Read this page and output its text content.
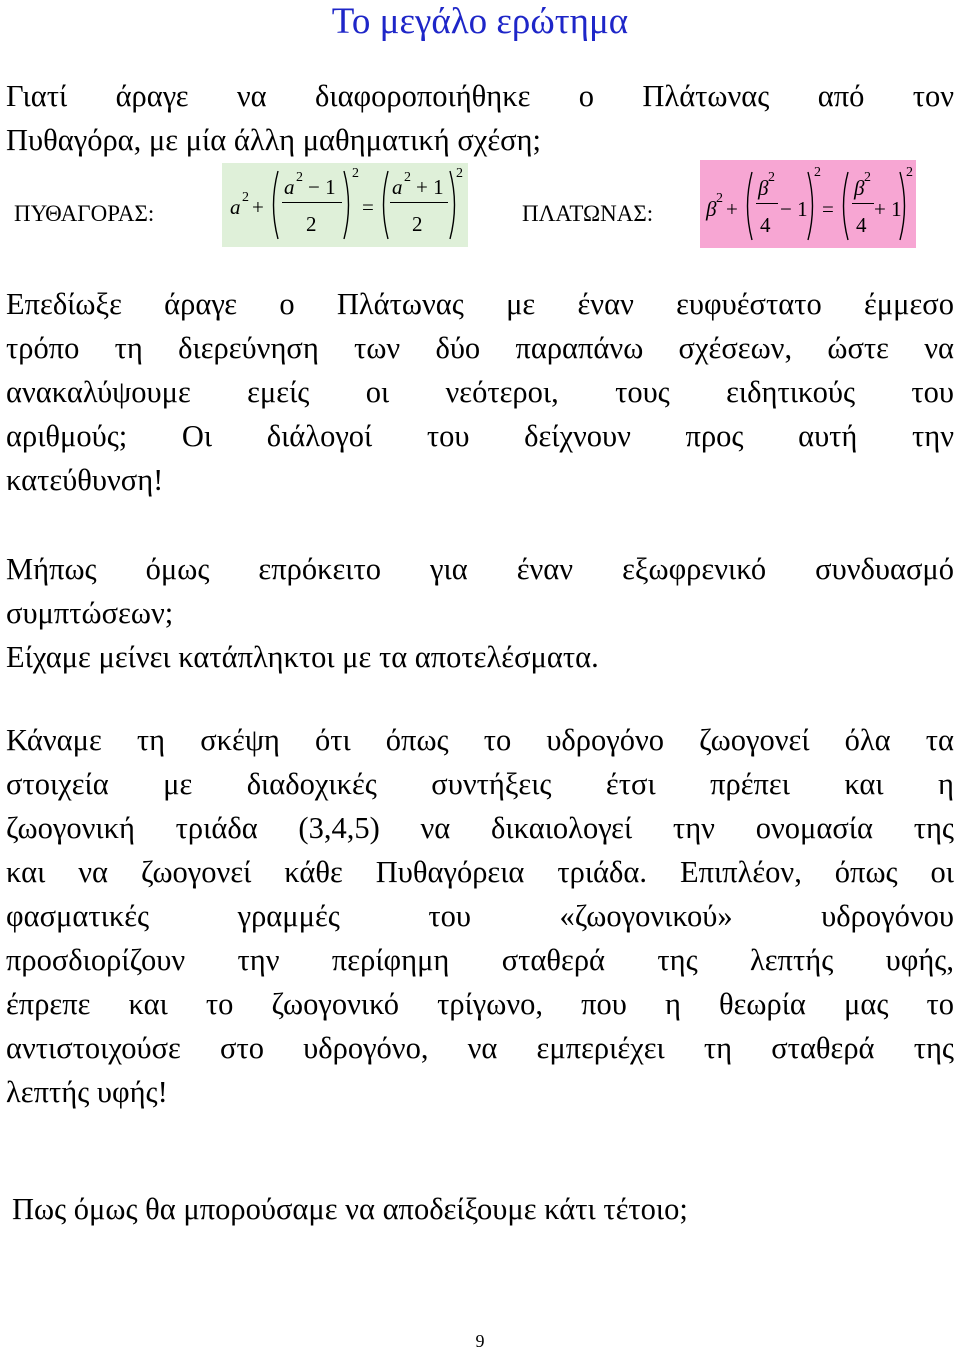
Το μεγάλο ερώτημα
Γιατί άραγε να διαφοροποιήθηκε ο Πλάτωνας από τον
Πυθαγόρα, με μία άλλη μαθηματική σχέση;
ΠΥΘΑΓΟΡΑΣ:	a 2 +
a 2 − 1
2
2
=
a 2 + 1
2
2
ΠΛΑΤΩΝΑΣ:	β 2 +
β 2
4
− 1
2
=
β 2
4
+ 1
2
Επεδίωξε άραγε ο Πλάτωνας με έναν ευφυέστατο έμμεσο
τρόπο τη διερεύνηση των δύο παραπάνω σχέσεων, ώστε να
ανακαλύψουμε εμείς οι νεότεροι, τους ειδητικούς του
αριθμούς; Οι διάλογοί του δείχνουν προς αυτή την
κατεύθυνση!
Μήπως όμως επρόκειτο για έναν εξωφρενικό συνδυασμό
συμπτώσεων;
Είχαμε μείνει κατάπληκτοι με τα αποτελέσματα.
Κάναμε τη σκέψη ότι όπως το υδρογόνο ζωογονεί όλα τα
στοιχεία με διαδοχικές συντήξεις έτσι πρέπει και η
ζωογονική τριάδα (3,4,5) να δικαιολογεί την ονομασία της
και να ζωογονεί κάθε Πυθαγόρεια τριάδα. Επιπλέον, όπως οι
φασματικές γραμμές του «ζωογονικού» υδρογόνου
προσδιορίζουν την περίφημη σταθερά της λεπτής υφής,
έπρεπε και το ζωογονικό τρίγωνο, που η θεωρία μας το
αντιστοιχούσε στο υδρογόνο, να εμπεριέχει τη σταθερά της
λεπτής υφής!
Πως όμως θα μπορούσαμε να αποδείξουμε κάτι τέτοιο;
9
